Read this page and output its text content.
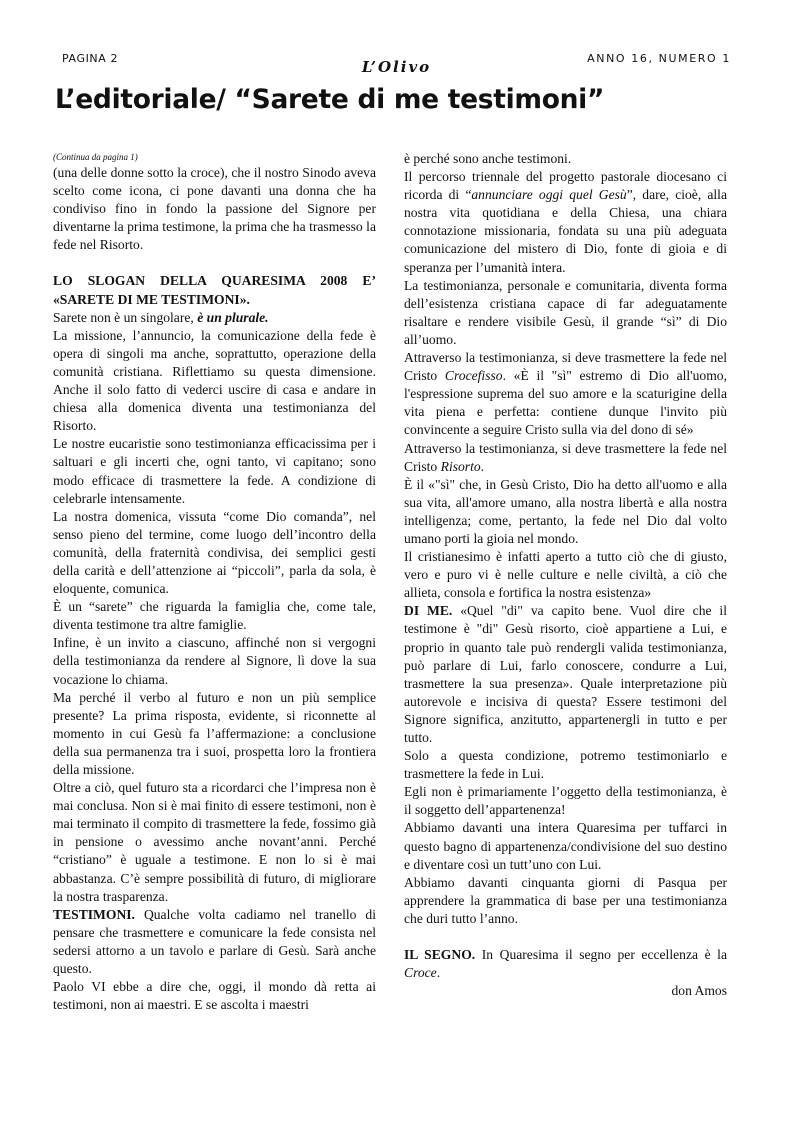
PAGINA 2	L’Olivo	ANNO 16, NUMERO 1
L’editoriale/ “Sarete di me testimoni”

(Continua da pagina 1)

(una delle donne sotto la croce), che il nostro Sinodo aveva scelto come icona, ci pone davanti una donna che ha condiviso fino in fondo la passione del Signore per diventarne la prima testimone, la prima che ha trasmesso la fede nel Risorto.

LO SLOGAN DELLA QUARESIMA 2008 E’ «SARETE DI ME TESTIMONI».

Sarete non è un singolare, è un plurale.

La missione, l’annuncio, la comunicazione della fede è opera di singoli ma anche, soprattutto, operazione della comunità cristiana. Riflettiamo su questa dimensione. Anche il solo fatto di vederci uscire di casa e andare in chiesa alla domenica diventa una testimonianza del Risorto.

Le nostre eucaristie sono testimonianza efficacissima per i saltuari e gli incerti che, ogni tanto, vi capitano; sono modo efficace di trasmettere la fede. A condizione di celebrarle intensamente.

La nostra domenica, vissuta “come Dio comanda”, nel senso pieno del termine, come luogo dell’incontro della comunità, della fraternità condivisa, dei semplici gesti della carità e dell’attenzione ai “piccoli”, parla da sola, è eloquente, comunica.

È un “sarete” che riguarda la famiglia che, come tale, diventa testimone tra altre famiglie.

Infine, è un invito a ciascuno, affinché non si vergogni della testimonianza da rendere al Signore, lì dove la sua vocazione lo chiama.

Ma perché il verbo al futuro e non un più semplice presente? La prima risposta, evidente, si riconnette al momento in cui Gesù fa l’affermazione: a conclusione della sua permanenza tra i suoi, prospetta loro la frontiera della missione.

Oltre a ciò, quel futuro sta a ricordarci che l’impresa non è mai conclusa. Non si è mai finito di essere testimoni, non è mai terminato il compito di trasmettere la fede, fossimo già in pensione o avessimo anche novant’anni. Perché “cristiano” è uguale a testimone. E non lo si è mai abbastanza. C’è sempre possibilità di futuro, di migliorare la nostra trasparenza.

TESTIMONI. Qualche volta cadiamo nel tranello di pensare che trasmettere e comunicare la fede consista nel sedersi attorno a un tavolo e parlare di Gesù. Sarà anche questo.

Paolo VI ebbe a dire che, oggi, il mondo dà retta ai testimoni, non ai maestri. E se ascolta i maestri

è perché sono anche testimoni.

Il percorso triennale del progetto pastorale diocesano ci ricorda di “annunciare oggi quel Gesù”, dare, cioè, alla nostra vita quotidiana e della Chiesa, una chiara connotazione missionaria, fondata su una più adeguata comunicazione del mistero di Dio, fonte di gioia e di speranza per l’umanità intera.

La testimonianza, personale e comunitaria, diventa forma dell’esistenza cristiana capace di far adeguatamente risaltare e rendere visibile Gesù, il grande “sì” di Dio all’uomo.

Attraverso la testimonianza, si deve trasmettere la fede nel Cristo Crocefisso. «È il "sì" estremo di Dio all'uomo, l'espressione suprema del suo amore e la scaturigine della vita piena e perfetta: contiene dunque l'invito più convincente a seguire Cristo sulla via del dono di sé»

Attraverso la testimonianza, si deve trasmettere la fede nel Cristo Risorto.

È il «"sì" che, in Gesù Cristo, Dio ha detto all'uomo e alla sua vita, all'amore umano, alla nostra libertà e alla nostra intelligenza; come, pertanto, la fede nel Dio dal volto umano porti la gioia nel mondo.

Il cristianesimo è infatti aperto a tutto ciò che di giusto, vero e puro vi è nelle culture e nelle civiltà, a ciò che allieta, consola e fortifica la nostra esistenza»

DI ME. «Quel "di" va capito bene. Vuol dire che il testimone è "di" Gesù risorto, cioè appartiene a Lui, e proprio in quanto tale può rendergli valida testimonianza, può parlare di Lui, farlo conoscere, condurre a Lui, trasmettere la sua presenza». Quale interpretazione più autorevole e incisiva di questa? Essere testimoni del Signore significa, anzitutto, appartenergli in tutto e per tutto.

Solo a questa condizione, potremo testimoniarlo e trasmettere la fede in Lui.

Egli non è primariamente l’oggetto della testimonianza, è il soggetto dell’appartenenza!

Abbiamo davanti una intera Quaresima per tuffarci in questo bagno di appartenenza/condivisione del suo destino e diventare così un tutt’uno con Lui.

Abbiamo davanti cinquanta giorni di Pasqua per apprendere la grammatica di base per una testimonianza che duri tutto l’anno.

IL SEGNO. In Quaresima il segno per eccellenza è la Croce.

don Amos
